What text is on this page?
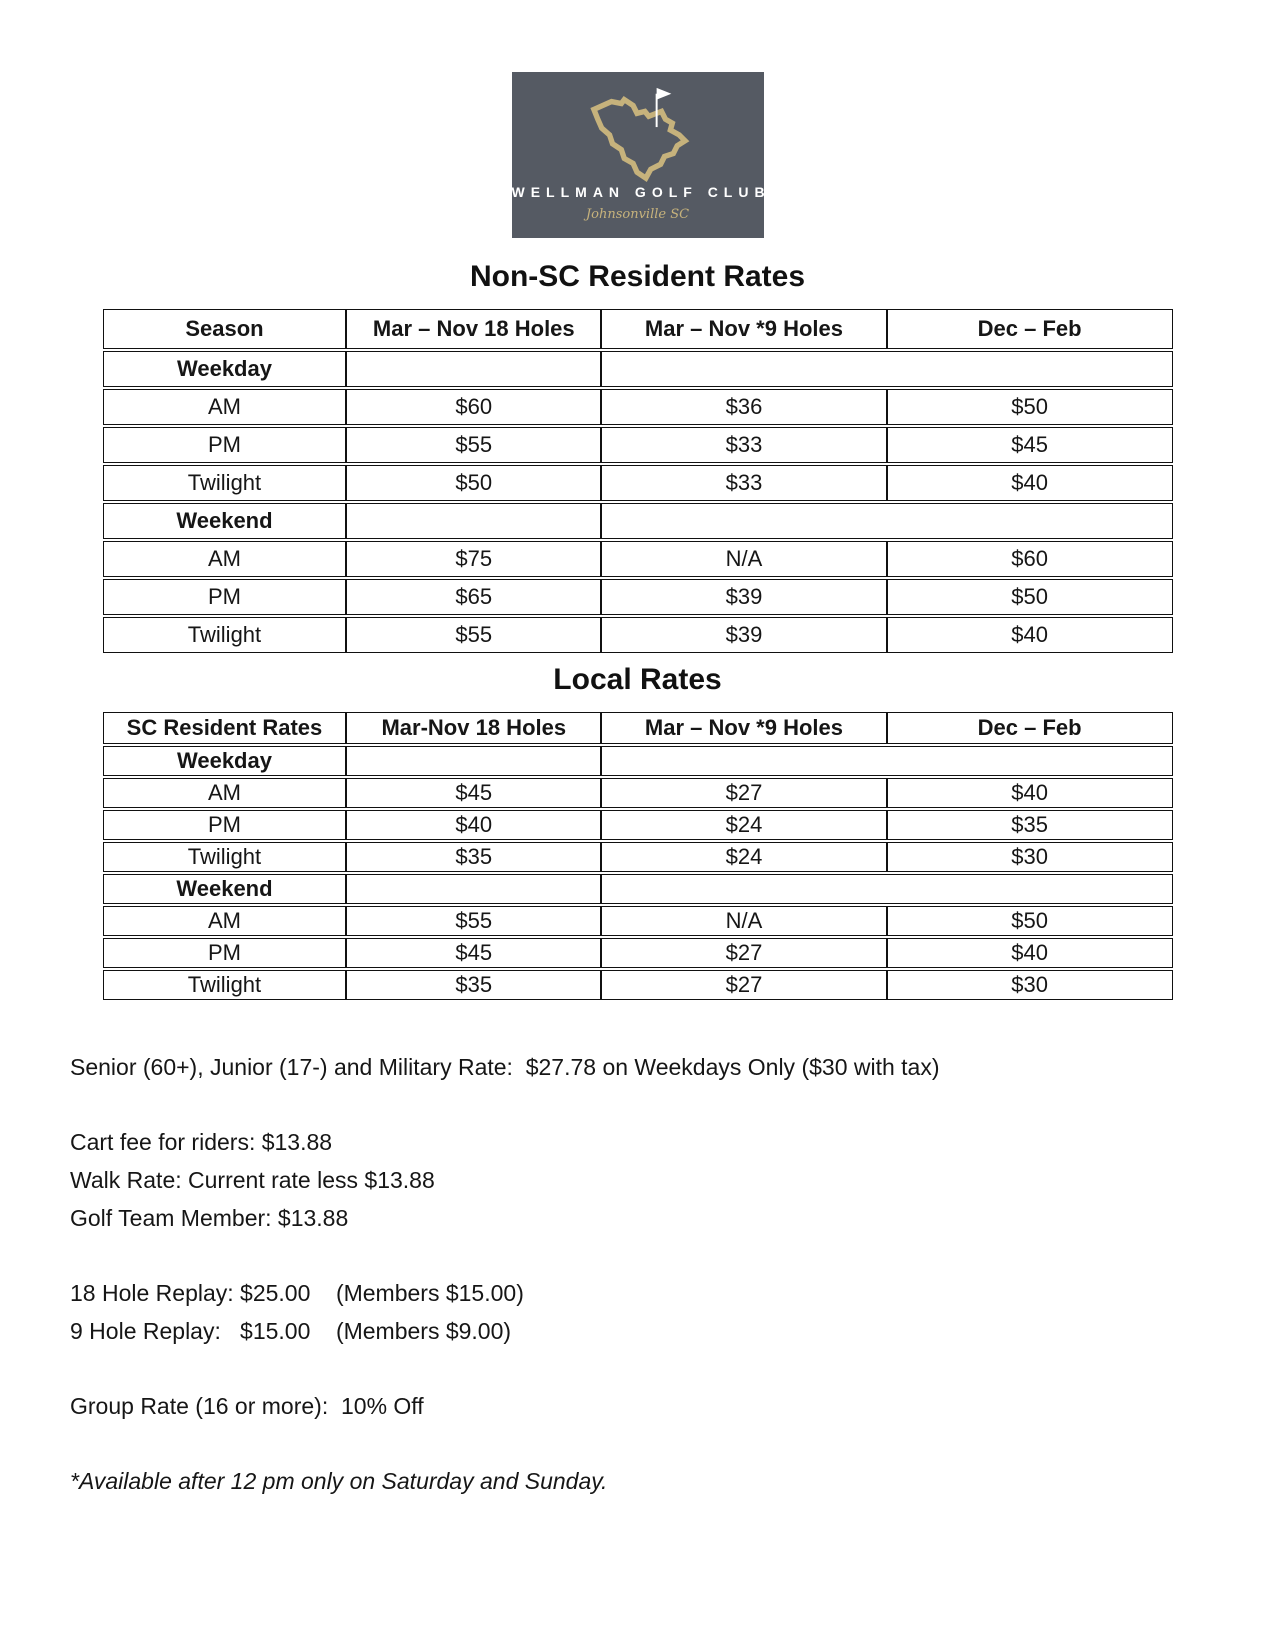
WELLMAN GOLF CLUB
Johnsonville SC
Non-SC Resident Rates
Season	Mar – Nov 18 Holes	Mar – Nov *9 Holes	Dec – Feb
Weekday			
AM	$60	$36	$50
PM	$55	$33	$45
Twilight	$50	$33	$40
Weekend			
AM	$75	N/A	$60
PM	$65	$39	$50
Twilight	$55	$39	$40
Local Rates
SC Resident Rates	Mar-Nov 18 Holes	Mar – Nov *9 Holes	Dec – Feb
Weekday			
AM	$45	$27	$40
PM	$40	$24	$35
Twilight	$35	$24	$30
Weekend			
AM	$55	N/A	$50
PM	$45	$27	$40
Twilight	$35	$27	$30

Senior (60+), Junior (17-) and Military Rate:  $27.78 on Weekdays Only ($30 with tax)

Cart fee for riders: $13.88

Walk Rate: Current rate less $13.88

Golf Team Member: $13.88

18 Hole Replay: $25.00    (Members $15.00)

9 Hole Replay:   $15.00    (Members $9.00)

Group Rate (16 or more):  10% Off

*Available after 12 pm only on Saturday and Sunday.
